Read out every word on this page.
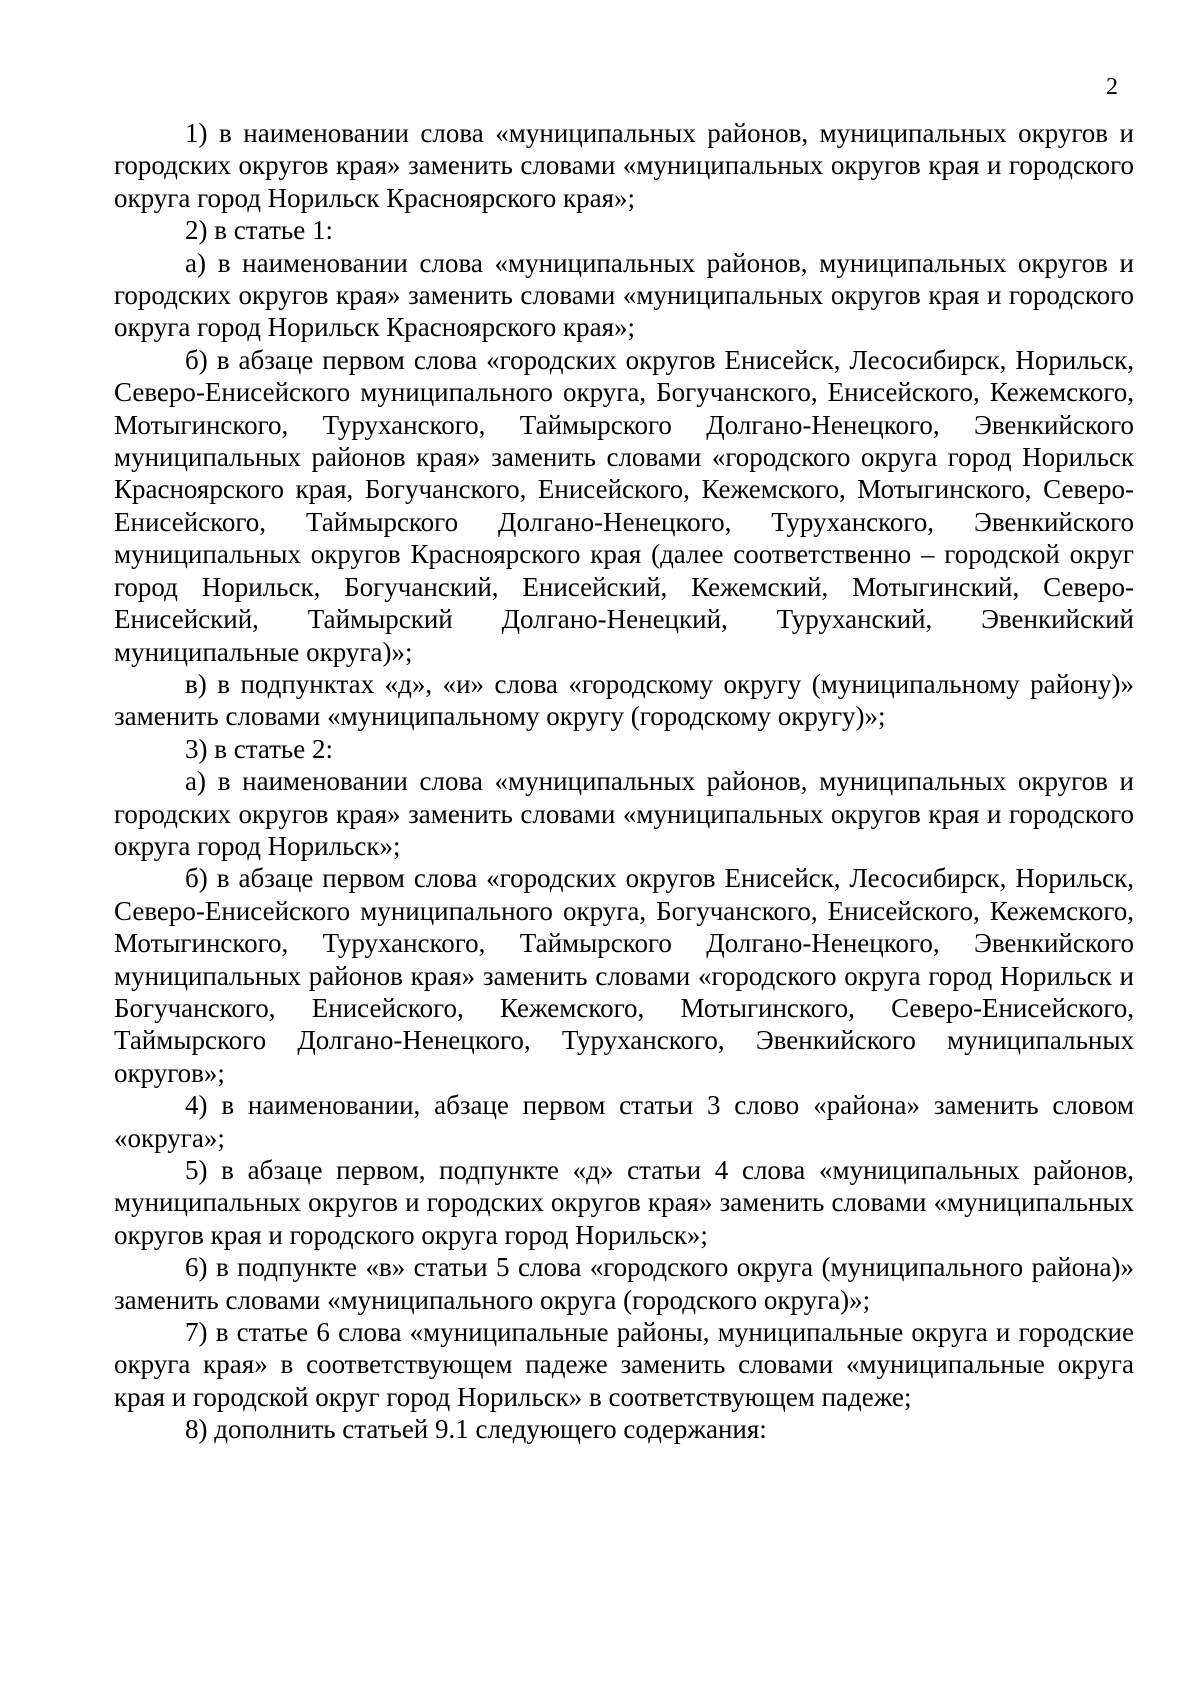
2

1) в наименовании слова «муниципальных районов, муниципальных округов и городских округов края» заменить словами «муниципальных округов края и городского округа город Норильск Красноярского края»;

2) в статье 1:

а) в наименовании слова «муниципальных районов, муниципальных округов и городских округов края» заменить словами «муниципальных округов края и городского округа город Норильск Красноярского края»;

б) в абзаце первом слова «городских округов Енисейск, Лесосибирск, Норильск, Северо-Енисейского муниципального округа, Богучанского, Енисейского, Кежемского, Мотыгинского, Туруханского, Таймырского Долгано-Ненецкого, Эвенкийского муниципальных районов края» заменить словами «городского округа город Норильск Красноярского края, Богучанского, Енисейского, Кежемского, Мотыгинского, Северо-Енисейского, Таймырского Долгано-Ненецкого, Туруханского, Эвенкийского муниципальных округов Красноярского края (далее соответственно – городской округ город Норильск, Богучанский, Енисейский, Кежемский, Мотыгинский, Северо-Енисейский, Таймырский Долгано-Ненецкий, Туруханский, Эвенкийский муниципальные округа)»;

в) в подпунктах «д», «и» слова «городскому округу (муниципальному району)» заменить словами «муниципальному округу (городскому округу)»;

3) в статье 2:

а) в наименовании слова «муниципальных районов, муниципальных округов и городских округов края» заменить словами «муниципальных округов края и городского округа город Норильск»;

б) в абзаце первом слова «городских округов Енисейск, Лесосибирск, Норильск, Северо-Енисейского муниципального округа, Богучанского, Енисейского, Кежемского, Мотыгинского, Туруханского, Таймырского Долгано-Ненецкого, Эвенкийского муниципальных районов края» заменить словами «городского округа город Норильск и Богучанского, Енисейского, Кежемского, Мотыгинского, Северо-Енисейского, Таймырского Долгано-Ненецкого, Туруханского, Эвенкийского муниципальных округов»;

4) в наименовании, абзаце первом статьи 3 слово «района» заменить словом «округа»;

5) в абзаце первом, подпункте «д» статьи 4 слова «муниципальных районов, муниципальных округов и городских округов края» заменить словами «муниципальных округов края и городского округа город Норильск»;

6) в подпункте «в» статьи 5 слова «городского округа (муниципального района)» заменить словами «муниципального округа (городского округа)»;

7) в статье 6 слова «муниципальные районы, муниципальные округа и городские округа края» в соответствующем падеже заменить словами «муниципальные округа края и городской округ город Норильск» в соответствующем падеже;

8) дополнить статьей 9.1 следующего содержания:
